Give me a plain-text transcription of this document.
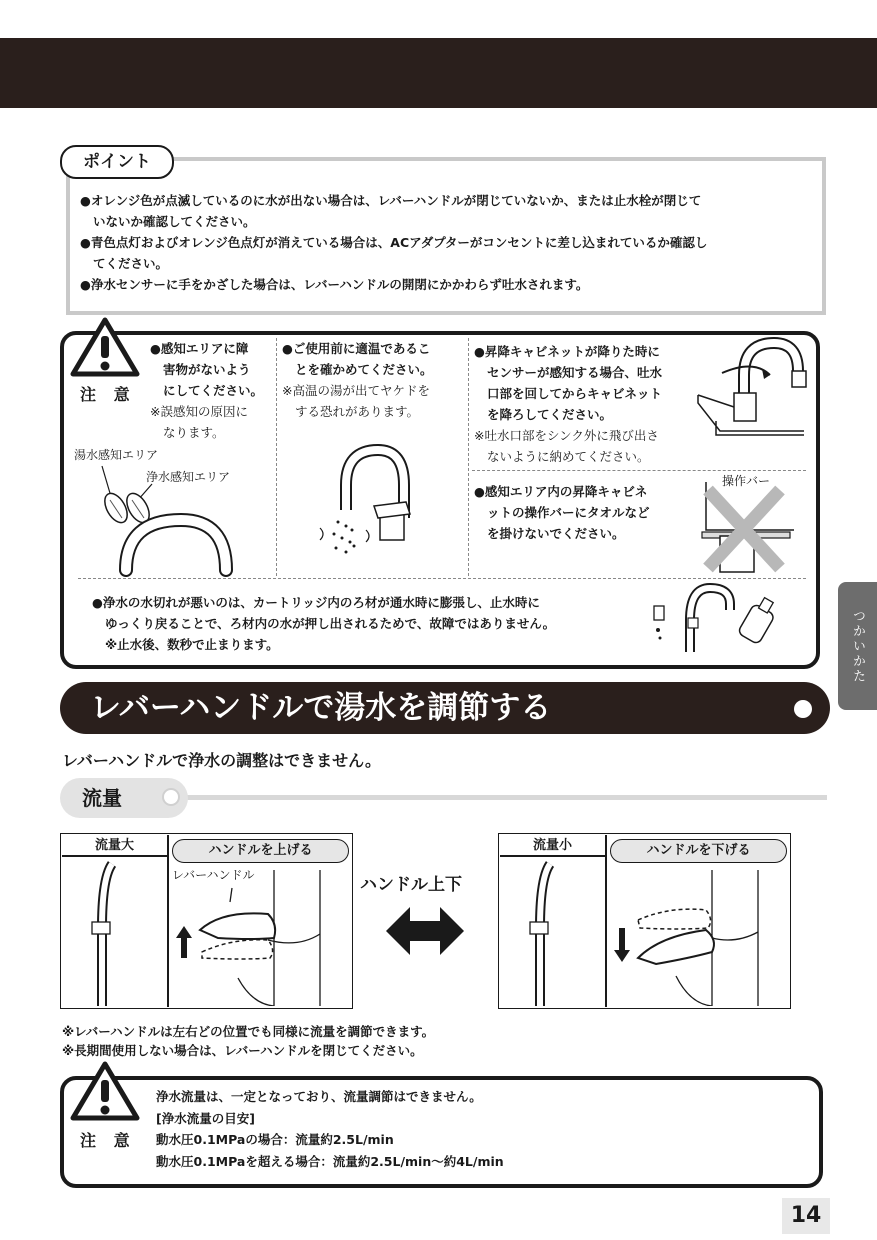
ポイント

●オレンジ色が点滅しているのに水が出ない場合は、レバーハンドルが閉じていないか、または止水栓が閉じて

いないか確認してください。

●青色点灯およびオレンジ色点灯が消えている場合は、ACアダプターがコンセントに差し込まれているか確認し

てください。

●浄水センサーに手をかざした場合は、レバーハンドルの開閉にかかわらず吐水されます。

注 意
●感知エリアに障
害物がないよう
にしてください。
※誤感知の原因に
なります。
湯水感知エリア
浄水感知エリア
●ご使用前に適温であるこ
とを確かめてください。
※高温の湯が出てヤケドを
する恐れがあります。
●昇降キャビネットが降りた時に
センサーが感知する場合、吐水
口部を回してからキャビネット
を降ろしてください。
※吐水口部をシンク外に飛び出さ
ないように納めてください。
●感知エリア内の昇降キャビネ
ットの操作バーにタオルなど
を掛けないでください。
操作バー
●浄水の水切れが悪いのは、カートリッジ内のろ材が通水時に膨張し、止水時に
ゆっくり戻ることで、ろ材内の水が押し出されるためで、故障ではありません。
※止水後、数秒で止まります。	つかいかた
レバーハンドルで湯水を調節する
レバーハンドルで浄水の調整はできません。
流量
流量大	ハンドルを上げる
レバーハンドル	ハンドル上下
流量小	ハンドルを下げる

※レバーハンドルは左右どの位置でも同様に流量を調節できます。

※長期間使用しない場合は、レバーハンドルを閉じてください。

注 意

浄水流量は、一定となっており、流量調節はできません。

[浄水流量の目安]

動水圧0.1MPaの場合：流量約2.5L/min

動水圧0.1MPaを超える場合：流量約2.5L/min～約4L/min

14
